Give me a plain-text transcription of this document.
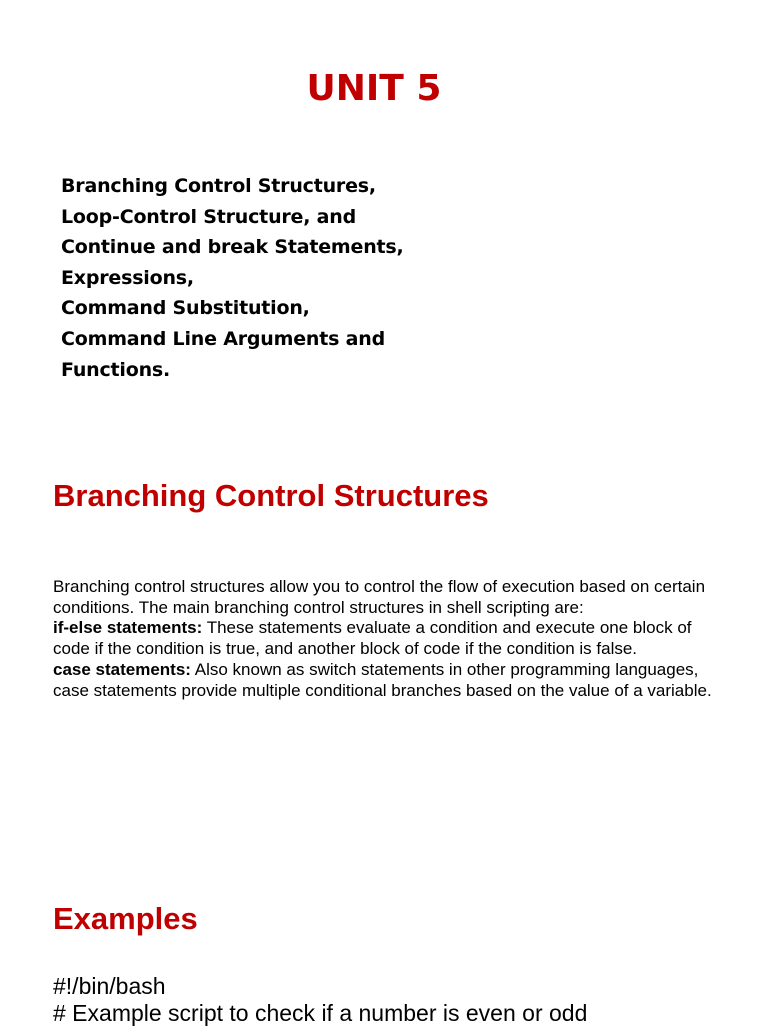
UNIT 5
Branching Control Structures,
Loop-Control Structure, and
Continue and break Statements,
Expressions,
Command Substitution,
Command Line Arguments and
Functions.
Branching Control Structures

Branching control structures allow you to control the flow of execution based on certain conditions. The main branching control structures in shell scripting are:

if-else statements: These statements evaluate a condition and execute one block of code if the condition is true, and another block of code if the condition is false.

case statements: Also known as switch statements in other programming languages, case statements provide multiple conditional branches based on the value of a variable.

Examples
#!/bin/bash
# Example script to check if a number is even or odd
